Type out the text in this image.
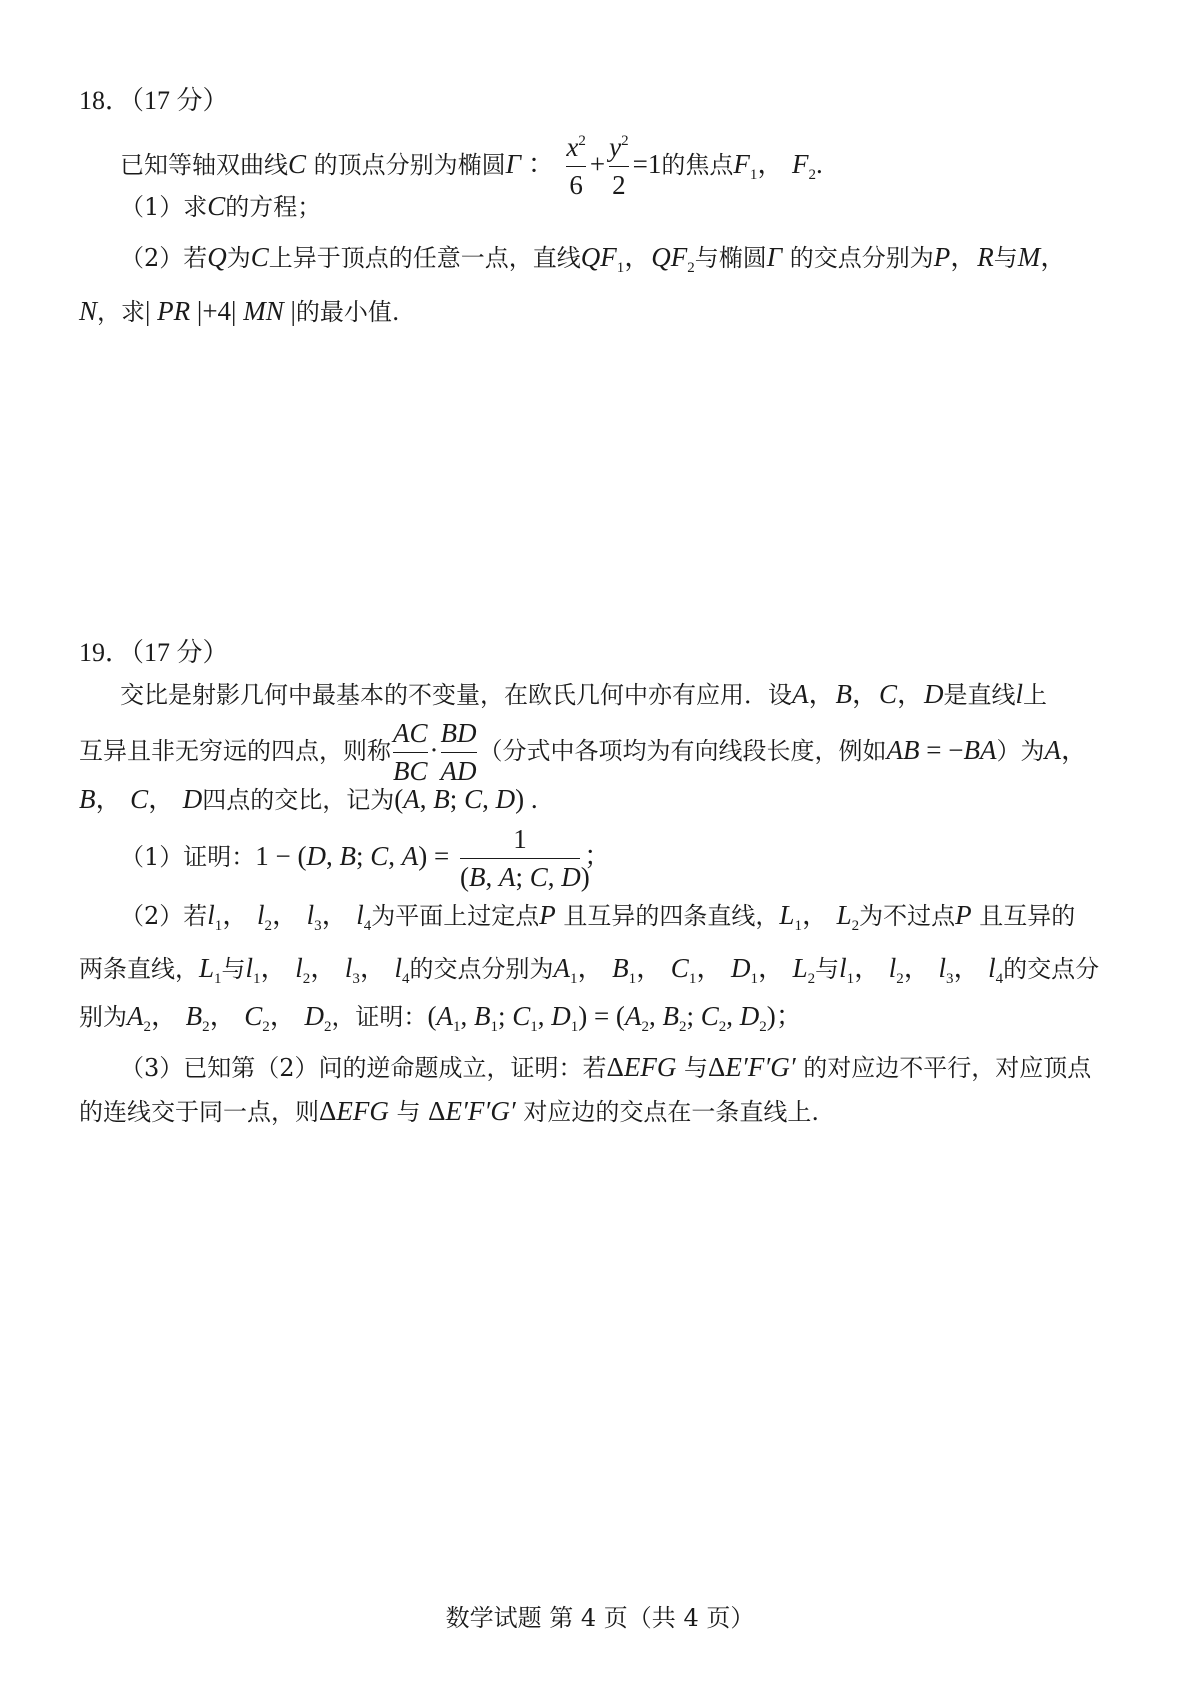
18．（17 分）
已知等轴双曲线C 的顶点分别为椭圆Γ ： $\frac{x^2}{6} + \frac{y^2}{2} =1$的焦点$F_1$， $F_2$.
（1）求C的方程；
（2）若Q为C上异于顶点的任意一点，直线$QF_1$，$QF_2$与椭圆Γ 的交点分别为P，R与M，
N，求| PR |+4| MN |的最小值.
19．（17 分）
交比是射影几何中最基本的不变量，在欧氏几何中亦有应用．设A，B，C，D是直线l上
互异且非无穷远的四点，则称 $\frac{AC}{BC} \cdot \frac{BD}{AD}$ （分式中各项均为有向线段长度，例如AB = −BA）为A，
B， C， D四点的交比，记为(A, B; C, D) .
（1）证明：1 − (D, B; C, $A) = \frac{1}{(B, A; C, D)}$ ；
（2）若$l_1$， $l_2$， $l_3$， $l_4$为平面上过定点P 且互异的四条直线，$L_1$， $L_2$为不过点P 且互异的
两条直线，$L_1$与$l_1$， $l_2$， $l_3$， $l_4$的交点分别为$A_1$， $B_1$， $C_1$， $D_1$， $L_2$与$l_1$， $l_2$， $l_3$， $l_4$的交点分
别为$A_2$， $B_2$， $C_2$， $D_2$，证明：($A_1$, $B_1$; $C_1$, $D_1) = (A_2$, $B_2$; $C_2$, $D_2$)；
（3）已知第（2）问的逆命题成立，证明：若ΔEFG 与ΔE′F′G′ 的对应边不平行，对应顶点
的连线交于同一点，则ΔEFG 与 ΔE′F′G′ 对应边的交点在一条直线上.
数学试题 第 4 页（共 4 页）
